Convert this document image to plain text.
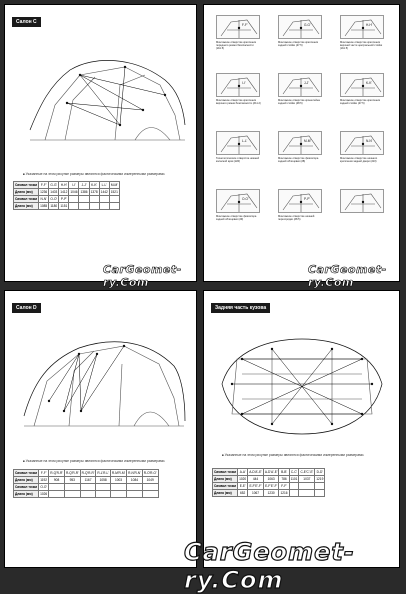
Салон C
■ Указанные на этом рисунке размеры являются фактическими измеренными размерами.
Символ точки	F-F'	G-G'	H-H'	I-I'	J-J'	K-K'	L-L'	M-M'
Длина (мм)	1236	1403	1412	1046	1386	1378	1442	1521
Символ точки	N-N'	O-O'	P-P'					
Длина (мм)	1085	1180	1151					
CarGeomet-ry.Com
F-F'
Монтажное отверстие крепления переднего ремня безопасности (d11.5)
G-G'
Монтажное отверстие крепления задней стойки (d7.5)
H-H'
Монтажное отверстие крепления верхней части центральной стойки (d11.5)
I-I'
Монтажное отверстие крепления верхнего ремня безопасности (d11.2)
J-J'
Монтажное отверстие кронштейна задней стойки (d8.5)
K-K'
Монтажное отверстие крепления задней стойки (d7.5)
L-L'
Технологическое отверстие нижней колесной арки (d20)
M-M'
Монтажное отверстие фиксатора задней облицовки (d8)
N-N'
Монтажное отверстие нижнего крепления задней двери (d10)
O-O'
Монтажное отверстие фиксатора задней облицовки (d9)
P-P'
Монтажное отверстие нижней перегородки (d8.5)
CarGeomet-ry.Com
Салон D
■ Указанные на этом рисунке размеры являются фактическими измеренными размерами.
Символ точки	F-F'	R-Q'R-R'	R-Q'R-R'	R-Q'R-R'	R-L'R-L'	R-M'R-M'	R-N'R-N'	R-O'R-O'
Длина (мм)	1192	908	953	1167	1058	1003	1084	1049
Символ точки	O-O'							
Длина (мм)	1026							
Задняя часть кузова
■ Указанные на этом рисунке размеры являются фактическими измеренными размерами.
Символ точки	A-A'	A-D'A'-E'	A-D'A'-E'	B-B'	C-C'	C-E'C'-E'	D-D'
Длина (мм)	1020	444	1063	786	1101	1037	1219
Символ точки	E-E'	E-F'E'-F'	E-F'E'-F'	F-F'			
Длина (мм)	652	1067	1230	1216			
CarGeomet-ry.Com
